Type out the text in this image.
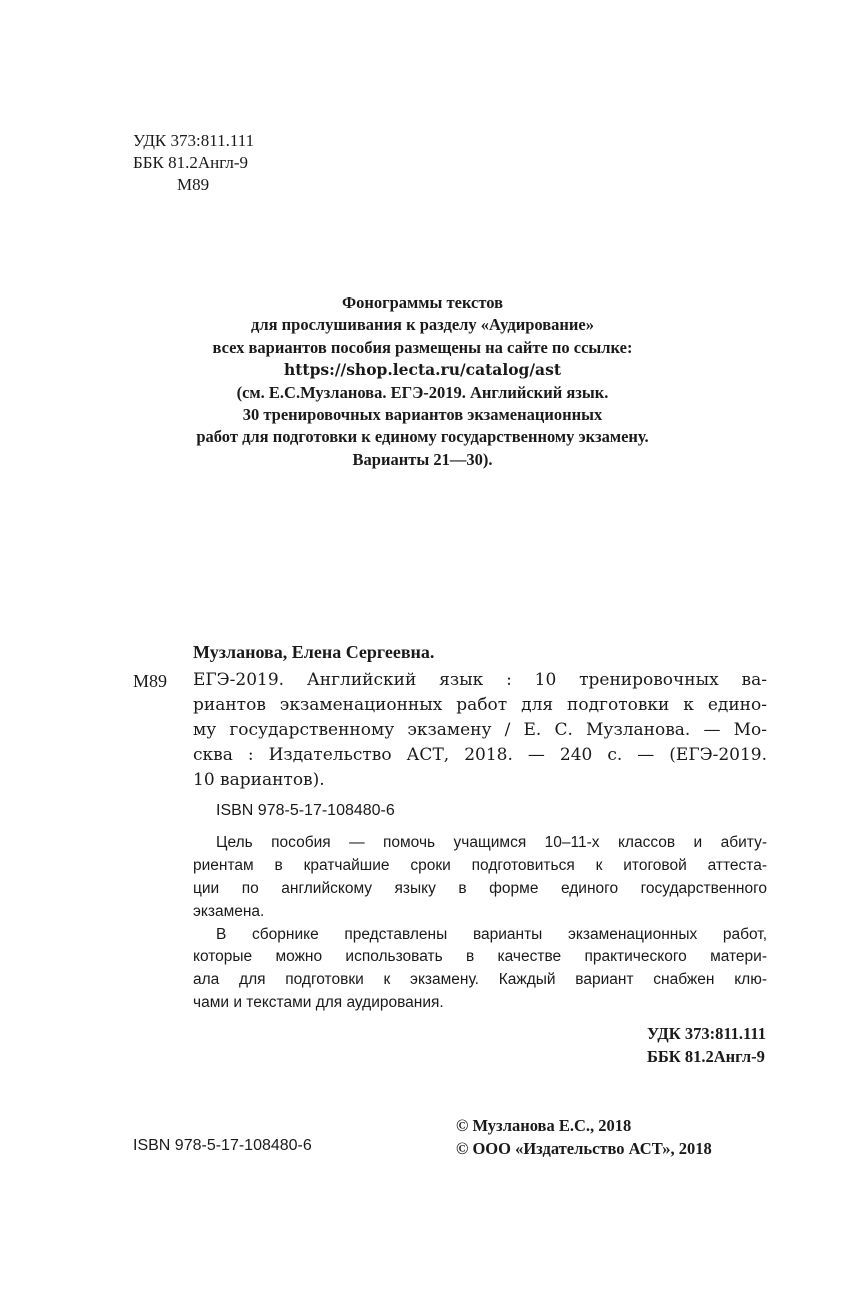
УДК 373:811.111
ББК 81.2Англ-9
М89
Фонограммы текстов
для прослушивания к разделу «Аудирование»
всех вариантов пособия размещены на сайте по ссылке:
https://shop.lecta.ru/catalog/ast
(см. Е.С.Музланова. ЕГЭ-2019. Английский язык.
30 тренировочных вариантов экзаменационных
работ для подготовки к единому государственному экзамену.
Варианты 21—30).
Музланова, Елена Сергеевна.
М89 ЕГЭ-2019. Английский язык : 10 тренировочных ва-
риантов экзаменационных работ для подготовки к едино-
му государственному экзамену / Е. С. Музланова. — Мо-
сква : Издательство АСТ, 2018. — 240 с. — (ЕГЭ-2019.
10 вариантов).
ISBN 978-5-17-108480-6
Цель пособия — помочь учащимся 10–11-х классов и абиту-
риентам в кратчайшие сроки подготовиться к итоговой аттеста-
ции по английскому языку в форме единого государственного
экзамена.
В сборнике представлены варианты экзаменационных работ,
которые можно использовать в качестве практического матери-
ала для подготовки к экзамену. Каждый вариант снабжен клю-
чами и текстами для аудирования.
УДК 373:811.111
ББК 81.2Англ-9
ISBN 978-5-17-108480-6
© Музланова Е.С., 2018
© ООО «Издательство АСТ», 2018
